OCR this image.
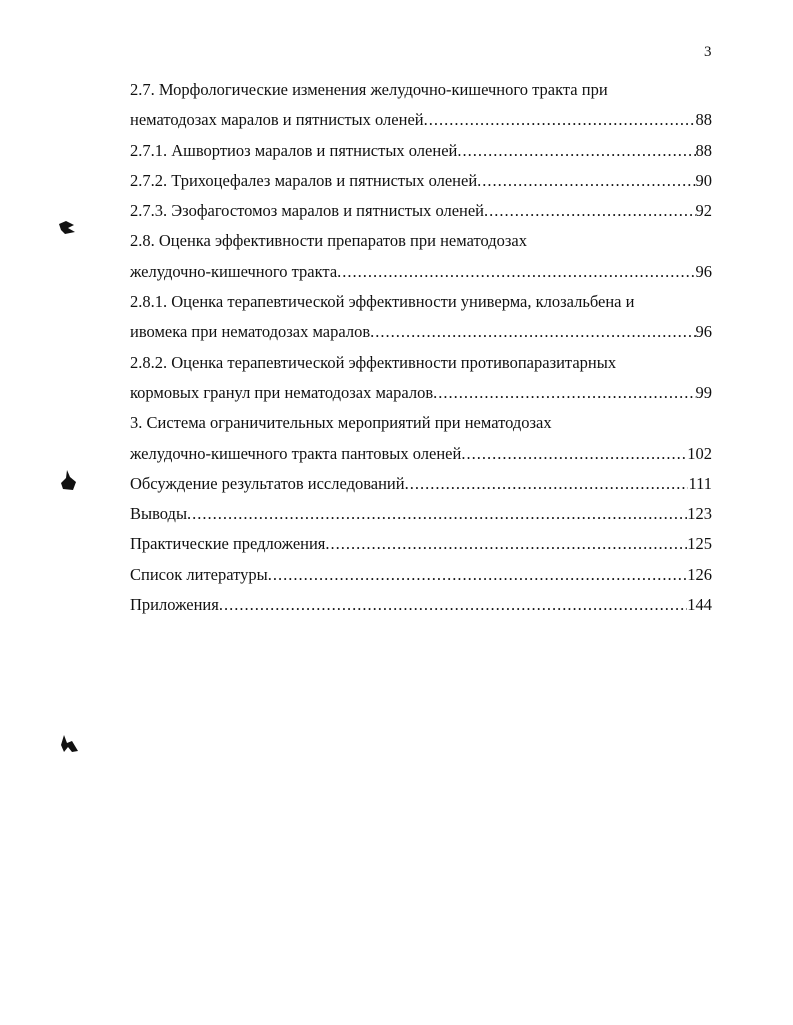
3
2.7. Морфологические изменения желудочно-кишечного тракта при
нематодозах маралов и пятнистых оленей .....	88
2.7.1. Ашвортиоз маралов и пятнистых оленей .....	88
2.7.2. Трихоцефалез маралов и пятнистых оленей .....	90
2.7.3. Эзофагостомоз маралов и пятнистых оленей .....	92
2.8. Оценка эффективности препаратов при нематодозах
желудочно-кишечного тракта .....	96
2.8.1. Оценка терапевтической эффективности универма, клозальбена и
ивомека при нематодозах маралов .....	96
2.8.2. Оценка терапевтической эффективности противопаразитарных
кормовых гранул при нематодозах маралов .....	99
3. Система ограничительных мероприятий при нематодозах
желудочно-кишечного тракта пантовых оленей .....	102
Обсуждение результатов исследований .....	111
Выводы .....	123
Практические предложения .....	125
Список литературы .....	126
Приложения .....	144
